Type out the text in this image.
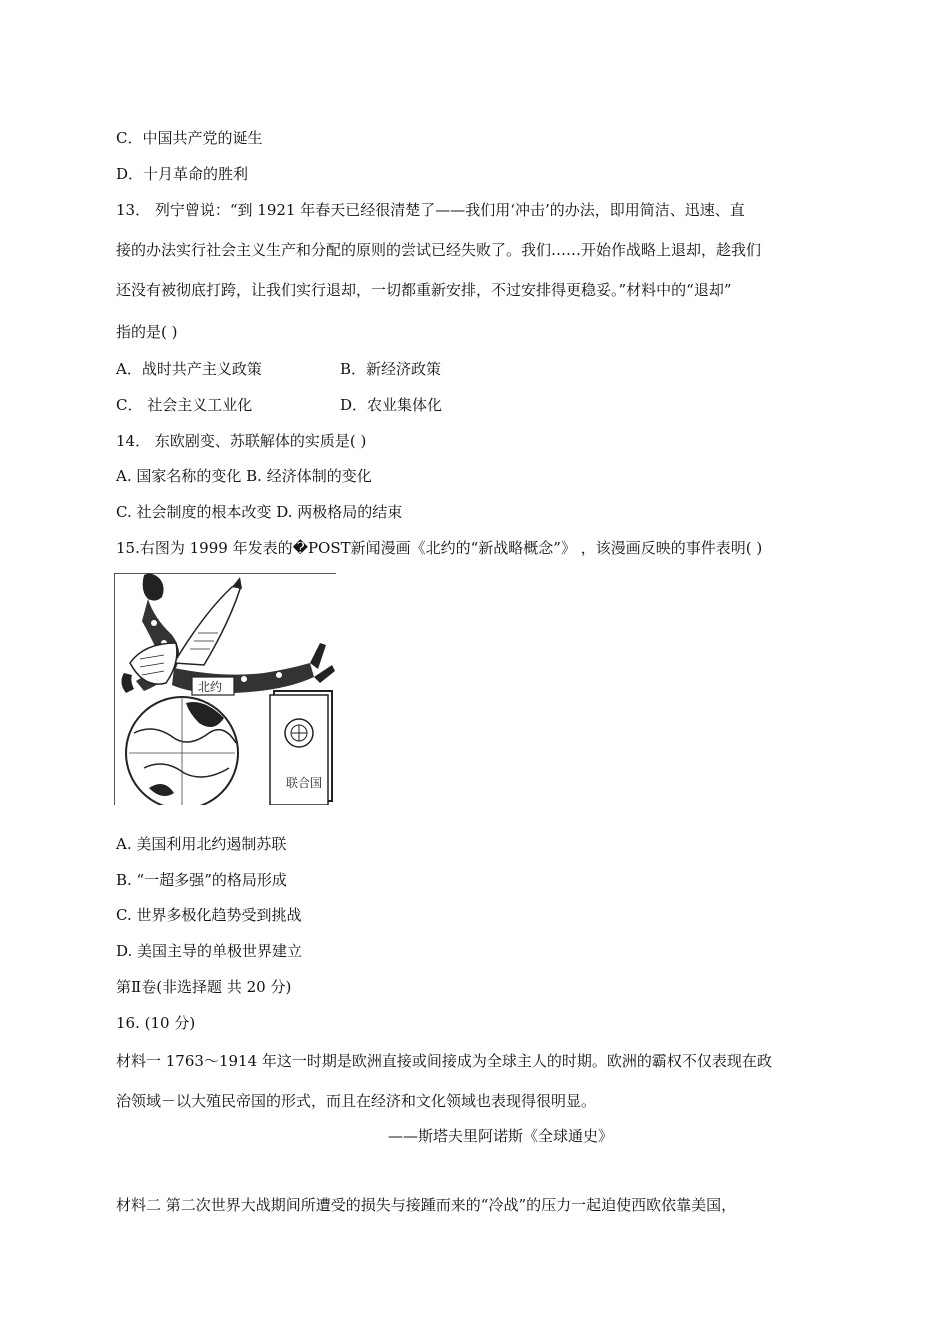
C．中国共产党的诞生
D．十月革命的胜利
13． 列宁曾说：“到 1921 年春天已经很清楚了——我们用‘冲击’的办法，即用简洁、迅速、直
接的办法实行社会主义生产和分配的原则的尝试已经失败了。我们……开始作战略上退却，趁我们
还没有被彻底打跨，让我们实行退却，一切都重新安排，不过安排得更稳妥。”材料中的“退却”
指的是( )
A．战时共产主义政策	B．新经济政策
C． 社会主义工业化	D．农业集体化
14． 东欧剧变、苏联解体的实质是( )
A. 国家名称的变化 B. 经济体制的变化
C. 社会制度的根本改变 D. 两极格局的结束
15.右图为 1999 年发表的�POST新闻漫画《北约的“新战略概念”》 ，该漫画反映的事件表明( )
联合国
北约
A. 美国利用北约遏制苏联
B. “一超多强”的格局形成
C. 世界多极化趋势受到挑战
D. 美国主导的单极世界建立
第Ⅱ卷(非选择题 共 20 分)
16. (10 分)
材料一 1763～1914 年这一时期是欧洲直接或间接成为全球主人的时期。欧洲的霸权不仅表现在政
治领域－以大殖民帝国的形式，而且在经济和文化领域也表现得很明显。
——斯塔夫里阿诺斯《全球通史》
材料二 第二次世界大战期间所遭受的损失与接踵而来的“冷战”的压力一起迫使西欧依靠美国，
